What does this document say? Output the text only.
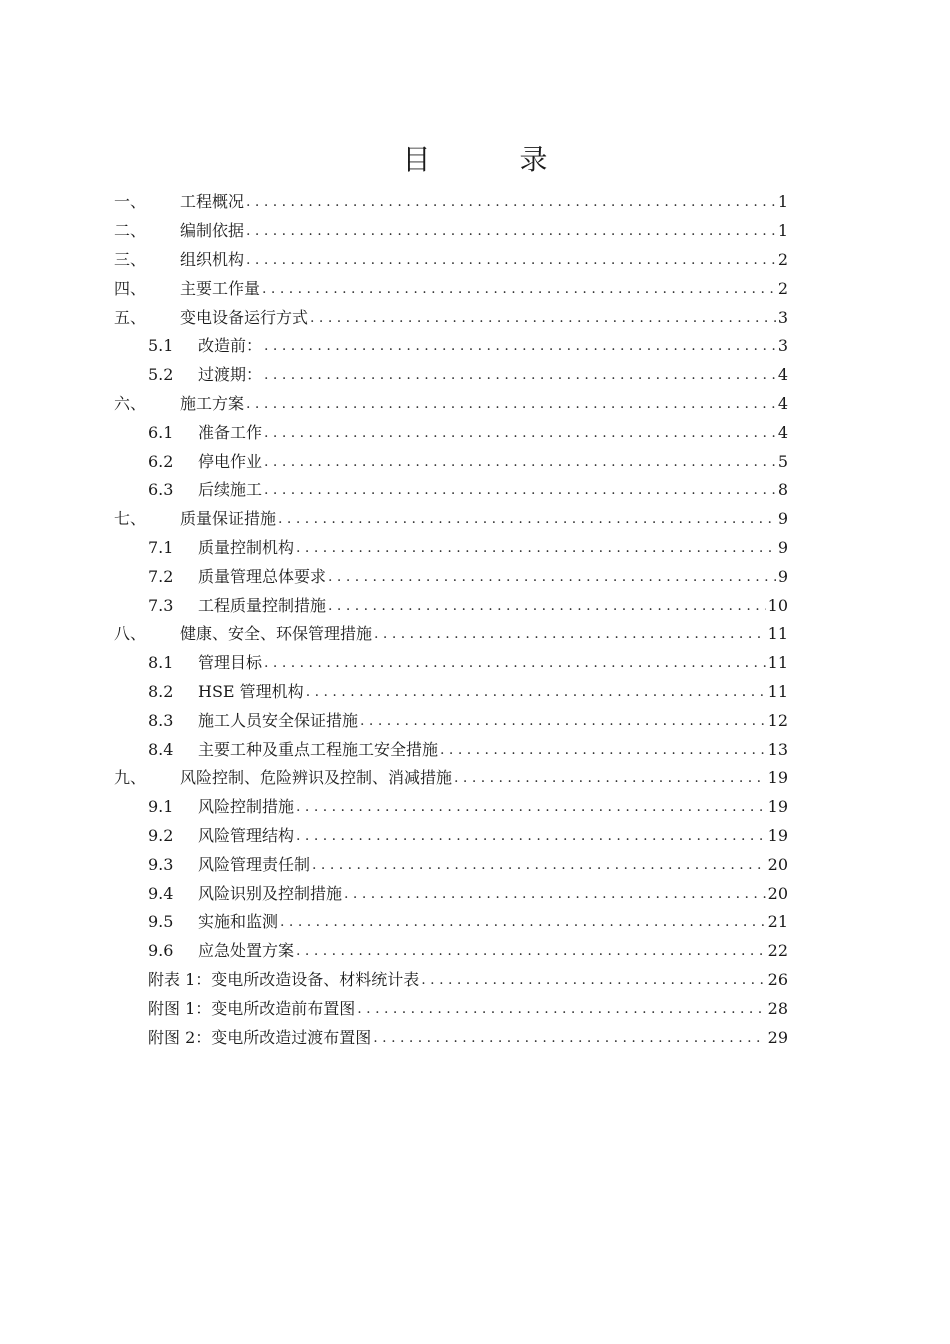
目 录
一、	工程概况 . . .	1
二、	编制依据 . . .	1
三、	组织机构 . . .	2
四、	主要工作量 . . .	2
五、	变电设备运行方式 . . .	3
5.1	改造前： . . .	3
5.2	过渡期： . . .	4
六、	施工方案 . . .	4
6.1	准备工作 . . .	4
6.2	停电作业 . . .	5
6.3	后续施工 . . .	8
七、	质量保证措施 . . .	9
7.1	质量控制机构 . . .	9
7.2	质量管理总体要求 . . .	9
7.3	工程质量控制措施 . . .	10
八、	健康、安全、环保管理措施 . . .	11
8.1	管理目标 . . .	11
8.2	HSE 管理机构 . . .	11
8.3	施工人员安全保证措施 . . .	12
8.4	主要工种及重点工程施工安全措施 . . .	13
九、	风险控制、危险辨识及控制、消减措施 . . .	19
9.1	风险控制措施 . . .	19
9.2	风险管理结构 . . .	19
9.3	风险管理责任制 . . .	20
9.4	风险识别及控制措施 . . .	20
9.5	实施和监测 . . .	21
9.6	应急处置方案 . . .	22
附表 1：变电所改造设备、材料统计表 . . .	26
附图 1：变电所改造前布置图 . . .	28
附图 2：变电所改造过渡布置图 . . .	29
